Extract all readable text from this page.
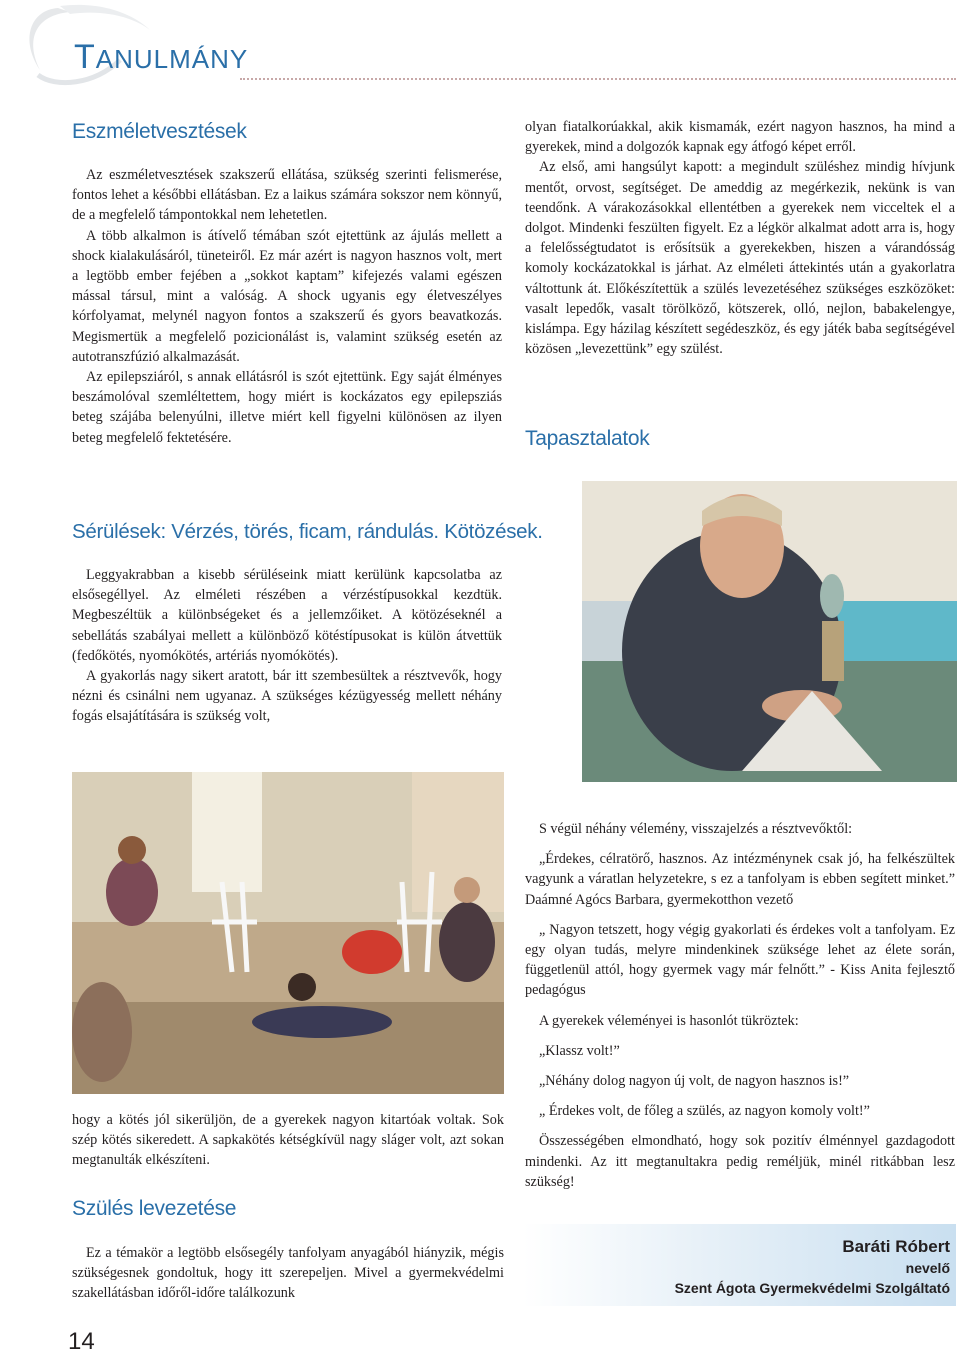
TANULMÁNY
Eszméletvesztések

Az eszméletvesztések szakszerű ellátása, szükség szerinti felismerése, fontos lehet a későbbi ellátásban. Ez a laikus számára sokszor nem könnyű, de a megfelelő támpontokkal nem lehetetlen.

A több alkalmon is átívelő témában szót ejtettünk az ájulás mellett a shock kialakulásáról, tüneteiről. Ez már azért is nagyon hasznos volt, mert a legtöbb ember fejében a „sokkot kaptam” kifejezés valami egészen mással társul, mint a valóság. A shock ugyanis egy életveszélyes kórfolyamat, melynél nagyon fontos a szakszerű és gyors beavatkozás. Megismertük a megfelelő pozicionálást is, valamint szükség esetén az autotranszfúzió alkalmazását.

Az epilepsziáról, s annak ellátásról is szót ejtettünk. Egy saját élményes beszámolóval szemléltettem, hogy miért is kockázatos egy epilepsziás beteg szájába belenyúlni, illetve miért kell figyelni különösen az ilyen beteg megfelelő fektetésére.

Sérülések: Vérzés, törés, ficam, rándulás. Kötözések.

Leggyakrabban a kisebb sérüléseink miatt kerülünk kapcsolatba az elsősegéllyel. Az elméleti részében a vérzéstípusokkal kezdtük. Megbeszéltük a különbségeket és a jellemzőiket. A kötözéseknél a sebellátás szabályai mellett a különböző kötéstípusokat is külön átvettük (fedőkötés, nyomókötés, artériás nyomókötés).

A gyakorlás nagy sikert aratott, bár itt szembesültek a résztvevők, hogy nézni és csinálni nem ugyanaz. A szükséges kézügyesség mellett néhány fogás elsajátítására is szükség volt,

hogy a kötés jól sikerüljön, de a gyerekek nagyon kitartóak voltak. Sok szép kötés sikeredett. A sapkakötés kétségkívül nagy sláger volt, azt sokan megtanulták elkészíteni.

Szülés levezetése

Ez a témakör a legtöbb elsősegély tanfolyam anyagából hiányzik, mégis szükségesnek gondoltuk, hogy itt szerepeljen. Mivel a gyermekvédelmi szakellátásban időről-időre találkozunk

olyan fiatalkorúakkal, akik kismamák, ezért nagyon hasznos, ha mind a gyerekek, mind a dolgozók kapnak egy átfogó képet erről.

Az első, ami hangsúlyt kapott: a megindult szüléshez mindig hívjunk mentőt, orvost, segítséget. De ameddig az megérkezik, nekünk is van teendőnk. A várakozásokkal ellentétben a gyerekek nem vicceltek el a dolgot. Mindenki feszülten figyelt. Ez a légkör alkalmat adott arra is, hogy a felelősségtudatot is erősítsük a gyerekekben, hiszen a várandósság komoly kockázatokkal is járhat. Az elméleti áttekintés után a gyakorlatra váltottunk át. Előkészítettük a szülés levezetéséhez szükséges eszközöket: vasalt lepedők, vasalt törölköző, kötszerek, olló, nejlon, babakelengye, kislámpa. Egy házilag készített segédeszköz, és egy játék baba segítségével közösen „levezettünk” egy szülést.

Tapasztalatok

S végül néhány vélemény, visszajelzés a résztvevőktől:

„Érdekes, célratörő, hasznos. Az intézménynek csak jó, ha felkészültek vagyunk a váratlan helyzetekre, s ez a tanfolyam is ebben segített minket.” Daámné Agócs Barbara, gyermekotthon vezető

„ Nagyon tetszett, hogy végig gyakorlati és érdekes volt a tanfolyam. Ez egy olyan tudás, melyre mindenkinek szüksége lehet az élete során, függetlenül attól, hogy gyermek vagy már felnőtt.” - Kiss Anita fejlesztő pedagógus

A gyerekek véleményei is hasonlót tükröztek:

„Klassz volt!”

„Néhány dolog nagyon új volt, de nagyon hasznos is!”

„ Érdekes volt, de főleg a szülés, az nagyon komoly volt!”

Összességében elmondható, hogy sok pozitív élménnyel gazdagodott mindenki. Az itt megtanultakra pedig reméljük, minél ritkábban lesz szükség!

Baráti Róbert
nevelő
Szent Ágota Gyermekvédelmi Szolgáltató
14
